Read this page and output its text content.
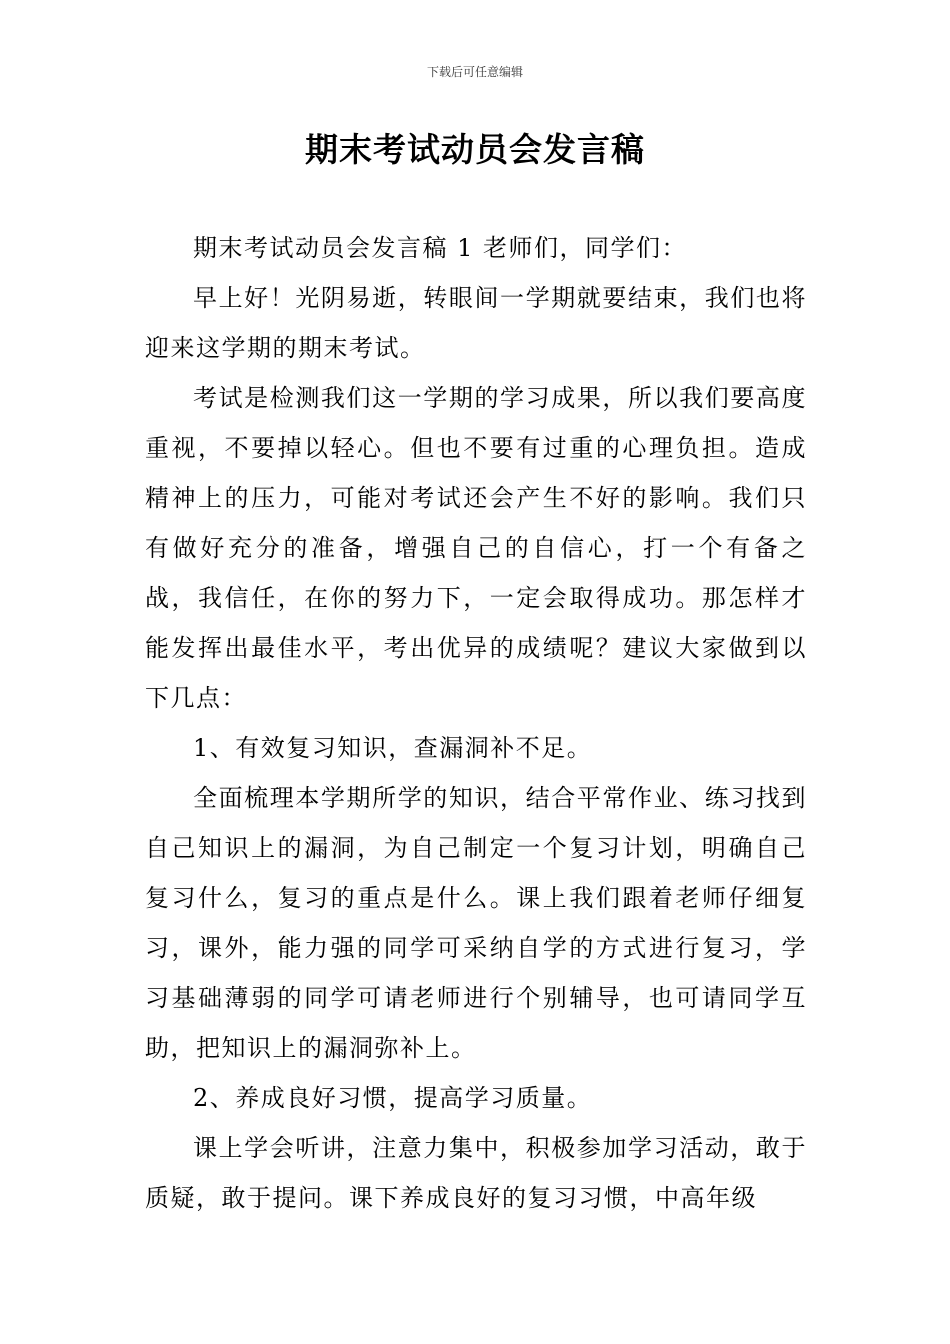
下载后可任意编辑
期末考试动员会发言稿

期末考试动员会发言稿 1 老师们，同学们：

早上好！光阴易逝，转眼间一学期就要结束，我们也将迎来这学期的期末考试。

考试是检测我们这一学期的学习成果，所以我们要高度重视，不要掉以轻心。但也不要有过重的心理负担。造成精神上的压力，可能对考试还会产生不好的影响。我们只有做好充分的准备，增强自己的自信心，打一个有备之战，我信任，在你的努力下，一定会取得成功。那怎样才能发挥出最佳水平，考出优异的成绩呢？建议大家做到以下几点：

1、有效复习知识，查漏洞补不足。

全面梳理本学期所学的知识，结合平常作业、练习找到自己知识上的漏洞，为自己制定一个复习计划，明确自己复习什么，复习的重点是什么。课上我们跟着老师仔细复习，课外，能力强的同学可采纳自学的方式进行复习，学习基础薄弱的同学可请老师进行个别辅导，也可请同学互助，把知识上的漏洞弥补上。

2、养成良好习惯，提高学习质量。

课上学会听讲，注意力集中，积极参加学习活动，敢于质疑，敢于提问。课下养成良好的复习习惯，中高年级
